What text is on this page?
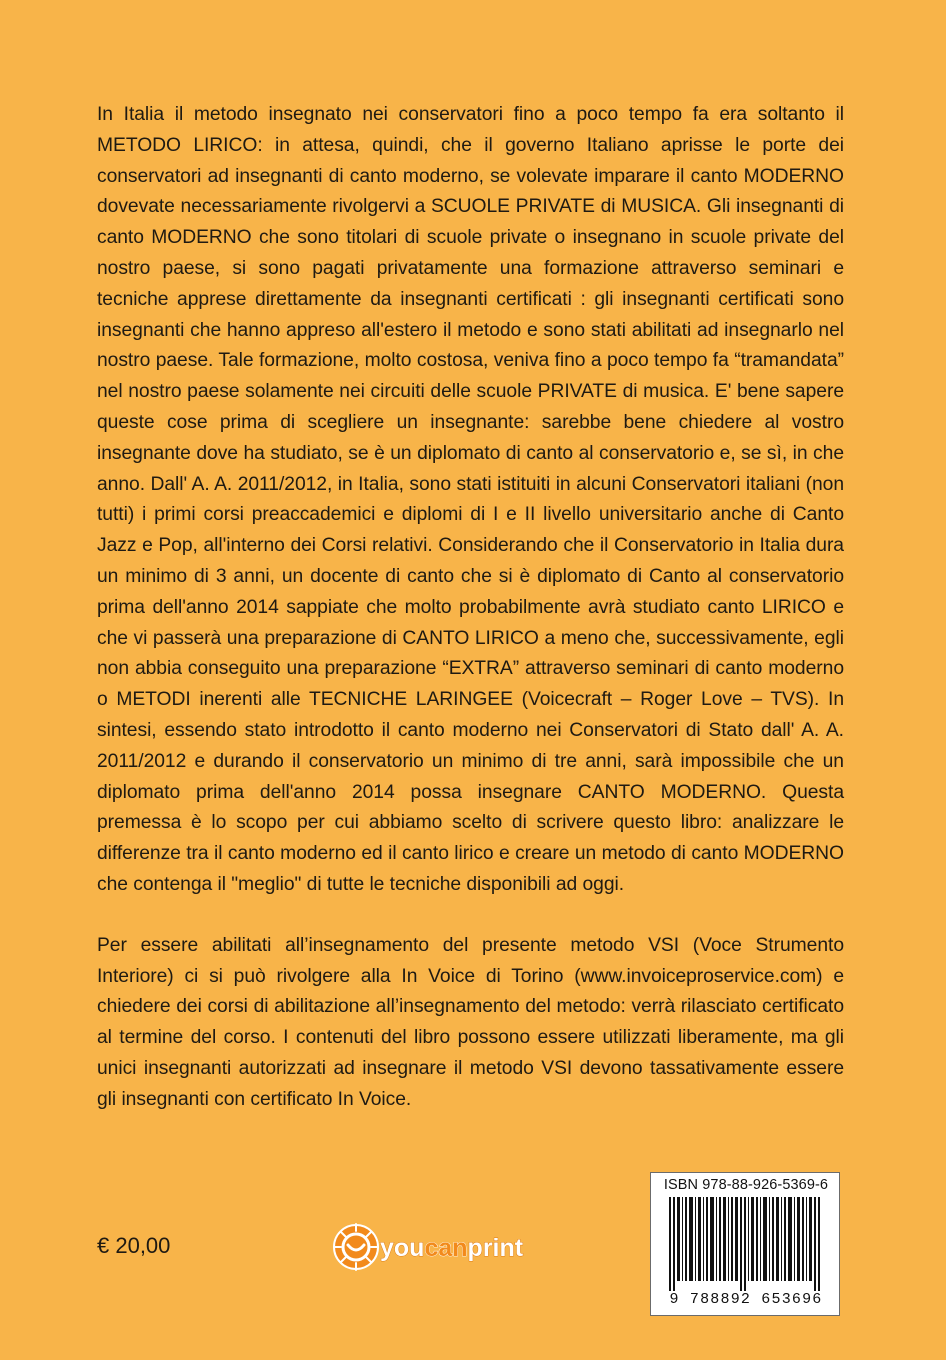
In Italia il metodo insegnato nei conservatori fino a poco tempo fa era soltanto il METODO LIRICO: in attesa, quindi, che il governo Italiano aprisse le porte dei conservatori ad insegnanti di canto moderno, se volevate imparare il canto MODERNO dovevate necessariamente rivolgervi a SCUOLE PRIVATE di MUSICA. Gli insegnanti di canto MODERNO che sono titolari di scuole private o insegnano in scuole private del nostro paese, si sono pagati privatamente una formazione attraverso seminari e tecniche apprese direttamente da insegnanti certificati : gli insegnanti certificati sono insegnanti che hanno appreso all'estero il metodo e sono stati abilitati ad insegnarlo nel nostro paese. Tale formazione, molto costosa, veniva fino a poco tempo fa “tramandata” nel nostro paese solamente nei circuiti delle scuole PRIVATE di musica. E' bene sapere queste cose prima di scegliere un insegnante: sarebbe bene chiedere al vostro insegnante dove ha studiato, se è un diplomato di canto al conservatorio e, se sì, in che anno. Dall' A. A. 2011/2012, in Italia, sono stati istituiti in alcuni Conservatori italiani (non tutti) i primi corsi preaccademici e diplomi di I e II livello universitario anche di Canto Jazz e Pop, all'interno dei Corsi relativi. Considerando che il Conservatorio in Italia dura un minimo di 3 anni, un docente di canto che si è diplomato di Canto al conservatorio prima dell'anno 2014 sappiate che molto probabilmente avrà studiato canto LIRICO e che vi passerà una preparazione di CANTO LIRICO a meno che, successivamente, egli non abbia conseguito una preparazione “EXTRA” attraverso seminari di canto moderno o METODI inerenti alle TECNICHE LARINGEE (Voicecraft – Roger Love – TVS). In sintesi, essendo stato introdotto il canto moderno nei Conservatori di Stato dall' A. A. 2011/2012 e durando il conservatorio un minimo di tre anni, sarà impossibile che un diplomato prima dell'anno 2014 possa insegnare CANTO MODERNO. Questa premessa è lo scopo per cui abbiamo scelto di scrivere questo libro: analizzare le differenze tra il canto moderno ed il canto lirico e creare un metodo di canto MODERNO che contenga il "meglio" di tutte le tecniche disponibili ad oggi.

Per essere abilitati all’insegnamento del presente metodo VSI (Voce Strumento Interiore) ci si può rivolgere alla In Voice di Torino (www.invoiceproservice.com) e chiedere dei corsi di abilitazione all’insegnamento del metodo: verrà rilasciato certificato al termine del corso. I contenuti del libro possono essere utilizzati liberamente, ma gli unici insegnanti autorizzati ad insegnare il metodo VSI devono tassativamente essere gli insegnanti con certificato In Voice.

€ 20,00	youcanprint
ISBN 978-88-926-5369-6
9 788892 653696
